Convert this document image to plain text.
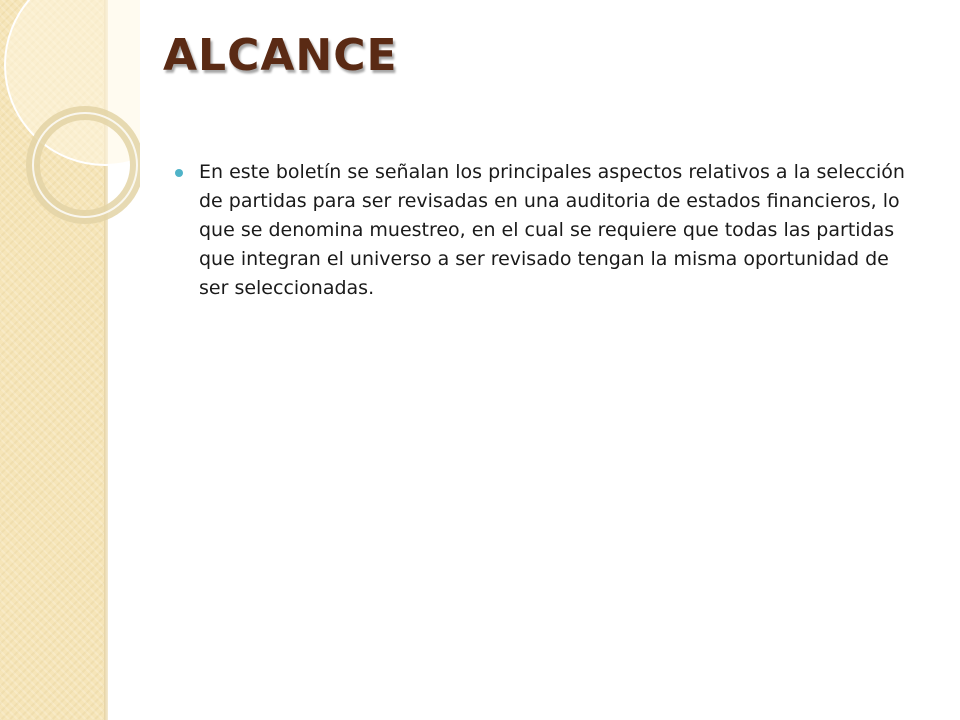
ALCANCE
En este boletín se señalan los principales aspectos relativos a la selección de partidas para ser revisadas en una auditoria de estados financieros, lo que se denomina muestreo, en el cual se requiere que todas las partidas que integran el universo a ser revisado tengan la misma oportunidad de ser seleccionadas.
